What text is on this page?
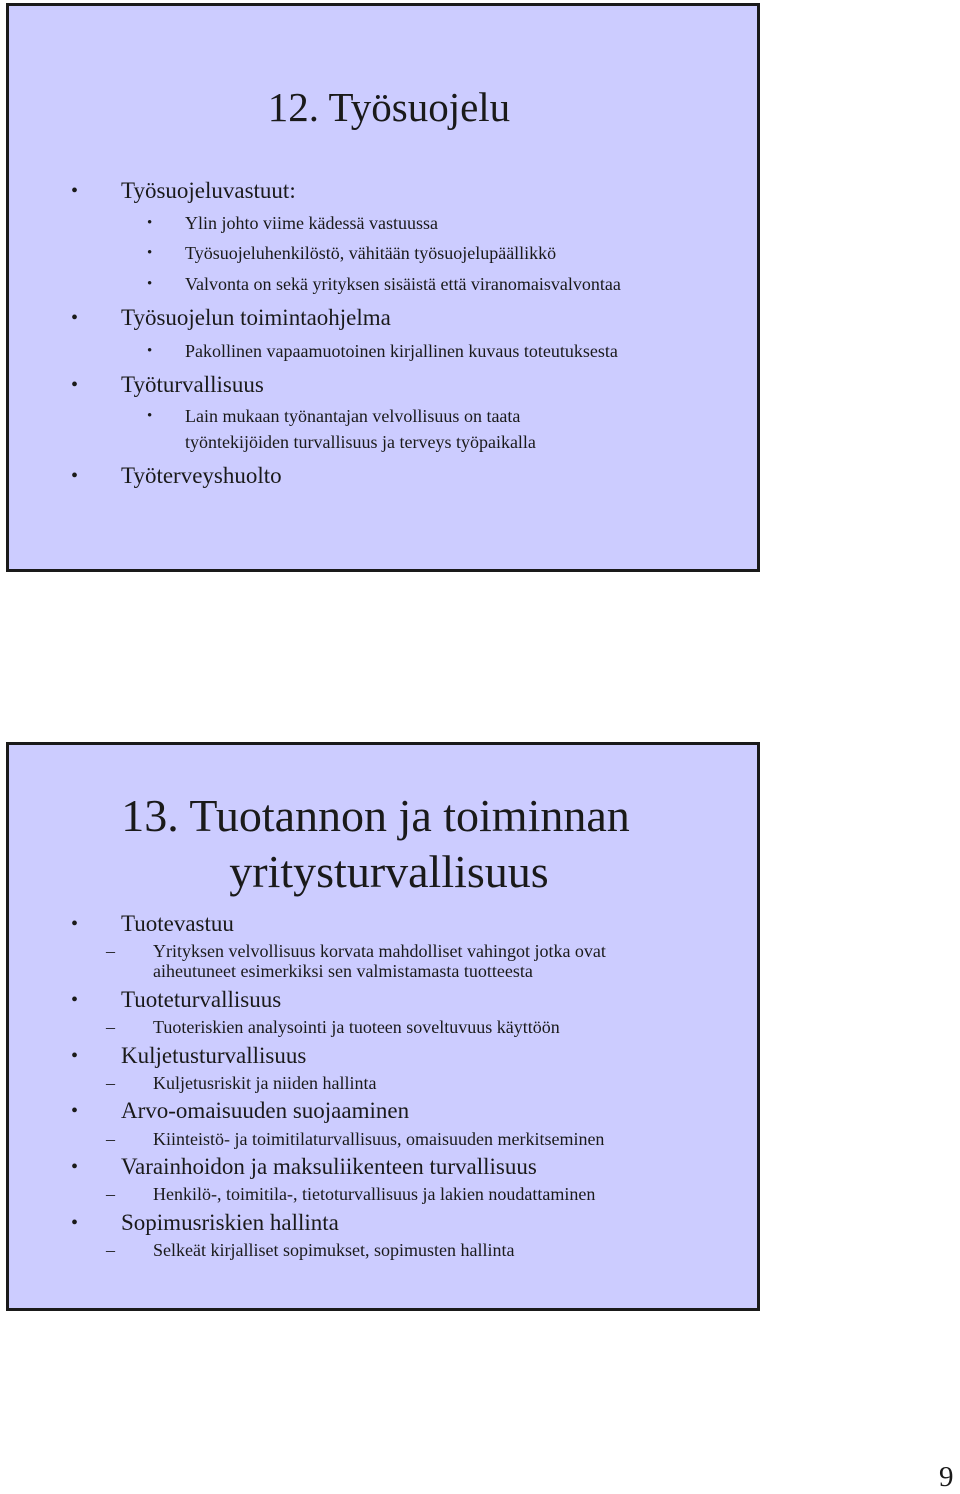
12. Työsuojelu
• Työsuojeluvastuut:
• Ylin johto viime kädessä vastuussa
• Työsuojeluhenkilöstö, vähitään työsuojelupäällikkö
• Valvonta on sekä yrityksen sisäistä että viranomaisvalvontaa
• Työsuojelun toimintaohjelma
• Pakollinen vapaamuotoinen kirjallinen kuvaus toteutuksesta
• Työturvallisuus
• Lain mukaan työnantajan velvollisuus on taata
työntekijöiden turvallisuus ja terveys työpaikalla
• Työterveyshuolto
13. Tuotannon ja toiminnan
yritysturvallisuus
• Tuotevastuu
– Yrityksen velvollisuus korvata mahdolliset vahingot jotka ovat
aiheutuneet esimerkiksi sen valmistamasta tuotteesta
• Tuoteturvallisuus
– Tuoteriskien analysointi ja tuoteen soveltuvuus käyttöön
• Kuljetusturvallisuus
– Kuljetusriskit ja niiden hallinta
• Arvo-omaisuuden suojaaminen
– Kiinteistö- ja toimitilaturvallisuus, omaisuuden merkitseminen
• Varainhoidon ja maksuliikenteen turvallisuus
– Henkilö-, toimitila-, tietoturvallisuus ja lakien noudattaminen
• Sopimusriskien hallinta
– Selkeät kirjalliset sopimukset, sopimusten hallinta
9
